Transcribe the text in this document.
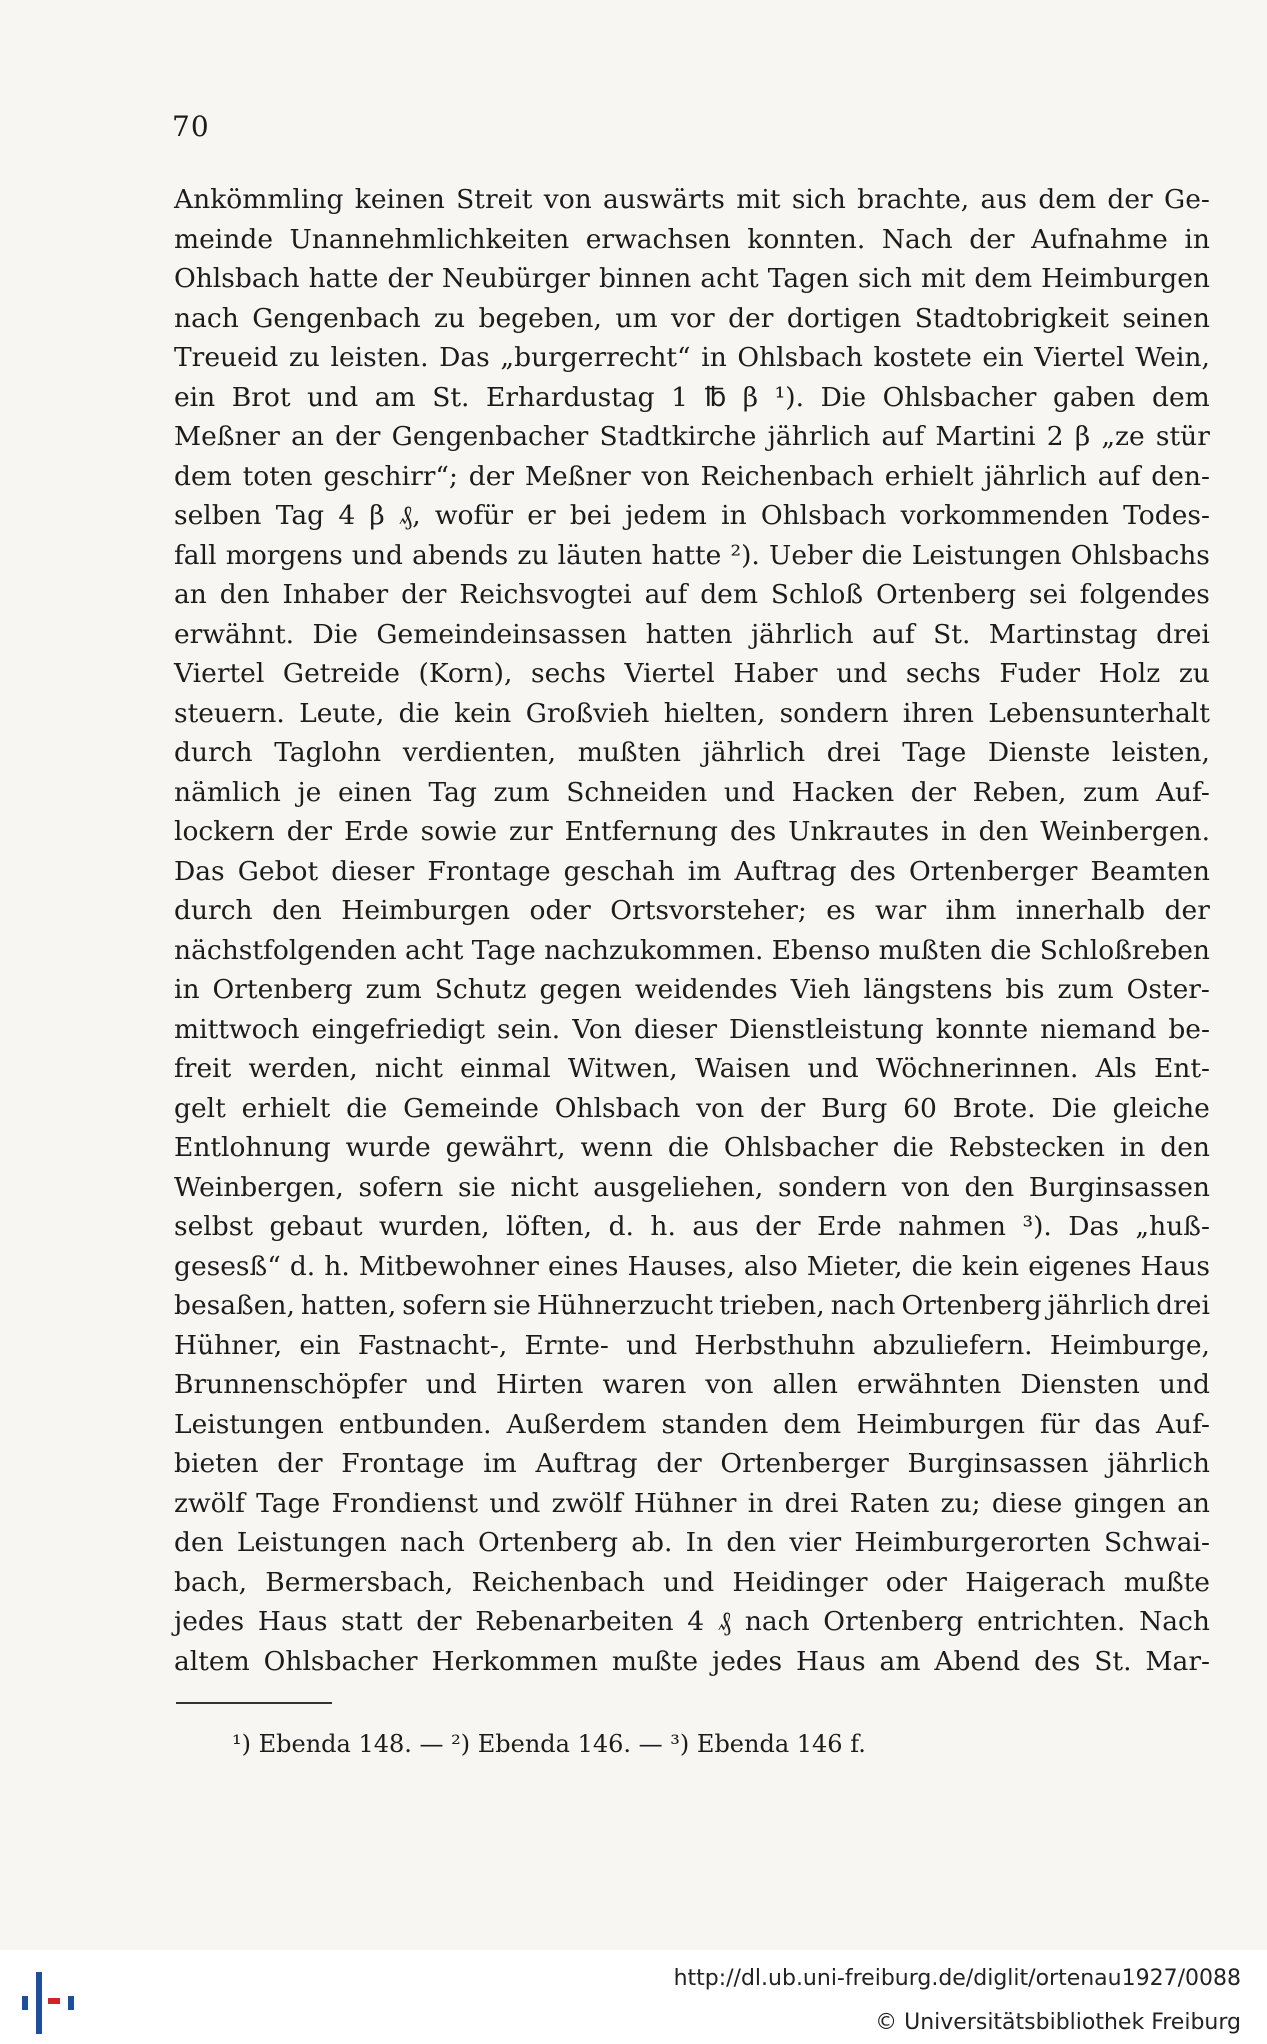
70
Ankömmling keinen Streit von auswärts mit sich brachte, aus dem der Ge-
meinde Unannehmlichkeiten erwachsen konnten. Nach der Aufnahme in
Ohlsbach hatte der Neubürger binnen acht Tagen sich mit dem Heimburgen
nach Gengenbach zu begeben, um vor der dortigen Stadtobrigkeit seinen
Treueid zu leisten. Das „burgerrecht“ in Ohlsbach kostete ein Viertel Wein,
ein Brot und am St. Erhardustag 1 ℔ β ¹). Die Ohlsbacher gaben dem
Meßner an der Gengenbacher Stadtkirche jährlich auf Martini 2 β „ze stür
dem toten geschirr“; der Meßner von Reichenbach erhielt jährlich auf den-
selben Tag 4 β ₰, wofür er bei jedem in Ohlsbach vorkommenden Todes-
fall morgens und abends zu läuten hatte ²). Ueber die Leistungen Ohlsbachs
an den Inhaber der Reichsvogtei auf dem Schloß Ortenberg sei folgendes
erwähnt. Die Gemeindeinsassen hatten jährlich auf St. Martinstag drei
Viertel Getreide (Korn), sechs Viertel Haber und sechs Fuder Holz zu
steuern. Leute, die kein Großvieh hielten, sondern ihren Lebensunterhalt
durch Taglohn verdienten, mußten jährlich drei Tage Dienste leisten,
nämlich je einen Tag zum Schneiden und Hacken der Reben, zum Auf-
lockern der Erde sowie zur Entfernung des Unkrautes in den Weinbergen.
Das Gebot dieser Frontage geschah im Auftrag des Ortenberger Beamten
durch den Heimburgen oder Ortsvorsteher; es war ihm innerhalb der
nächstfolgenden acht Tage nachzukommen. Ebenso mußten die Schloßreben
in Ortenberg zum Schutz gegen weidendes Vieh längstens bis zum Oster-
mittwoch eingefriedigt sein. Von dieser Dienstleistung konnte niemand be-
freit werden, nicht einmal Witwen, Waisen und Wöchnerinnen. Als Ent-
gelt erhielt die Gemeinde Ohlsbach von der Burg 60 Brote. Die gleiche
Entlohnung wurde gewährt, wenn die Ohlsbacher die Rebstecken in den
Weinbergen, sofern sie nicht ausgeliehen, sondern von den Burginsassen
selbst gebaut wurden, löften, d. h. aus der Erde nahmen ³). Das „huß-
gesesß“ d. h. Mitbewohner eines Hauses, also Mieter, die kein eigenes Haus
besaßen, hatten, sofern sie Hühnerzucht trieben, nach Ortenberg jährlich drei
Hühner, ein Fastnacht-, Ernte- und Herbsthuhn abzuliefern. Heimburge,
Brunnenschöpfer und Hirten waren von allen erwähnten Diensten und
Leistungen entbunden. Außerdem standen dem Heimburgen für das Auf-
bieten der Frontage im Auftrag der Ortenberger Burginsassen jährlich
zwölf Tage Frondienst und zwölf Hühner in drei Raten zu; diese gingen an
den Leistungen nach Ortenberg ab. In den vier Heimburgerorten Schwai-
bach, Bermersbach, Reichenbach und Heidinger oder Haigerach mußte
jedes Haus statt der Rebenarbeiten 4 ₰ nach Ortenberg entrichten. Nach
altem Ohlsbacher Herkommen mußte jedes Haus am Abend des St. Mar-
¹) Ebenda 148. — ²) Ebenda 146. — ³) Ebenda 146 f.
http://dl.ub.uni-freiburg.de/diglit/ortenau1927/0088
© Universitätsbibliothek Freiburg
